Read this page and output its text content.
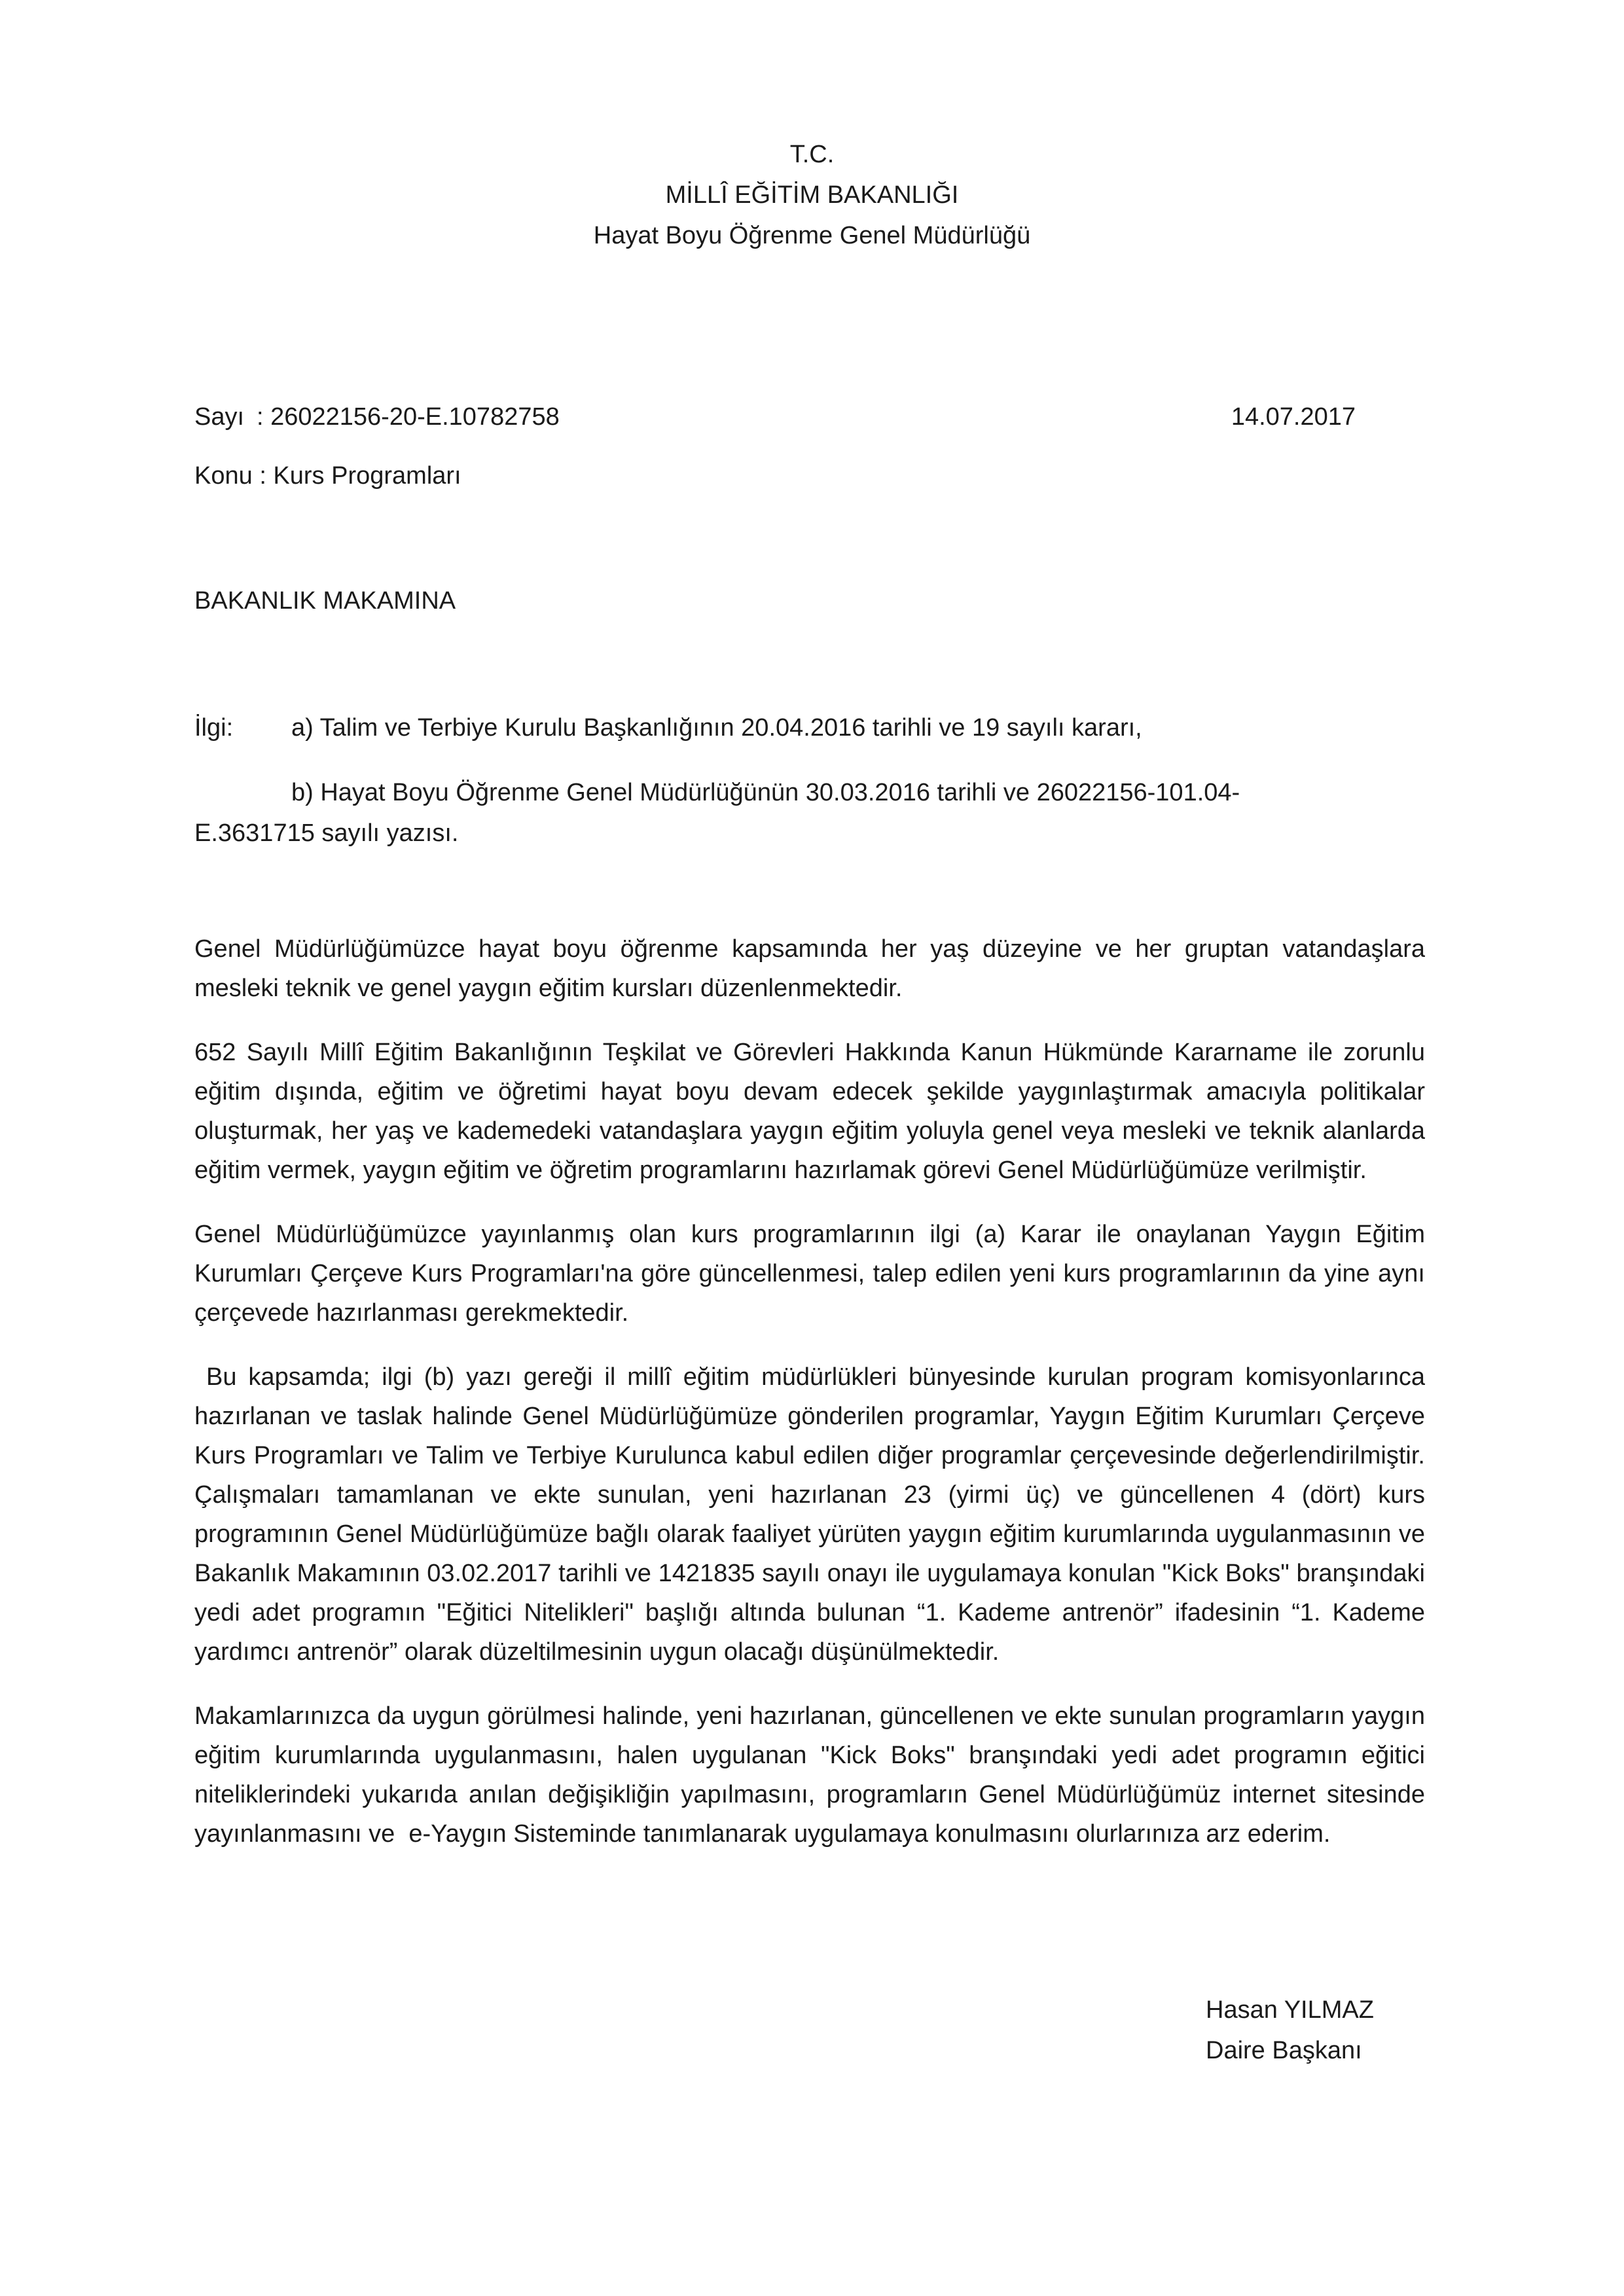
T.C.
MİLLÎ EĞİTİM BAKANLIĞI
Hayat Boyu Öğrenme Genel Müdürlüğü
Sayı : 26022156-20-E.10782758	14.07.2017
Konu : Kurs Programları
BAKANLIK MAKAMINA
İlgi: a) Talim ve Terbiye Kurulu Başkanlığının 20.04.2016 tarihli ve 19 sayılı kararı,
b) Hayat Boyu Öğrenme Genel Müdürlüğünün 30.03.2016 tarihli ve 26022156-101.04-
E.3631715 sayılı yazısı.

Genel Müdürlüğümüzce hayat boyu öğrenme kapsamında her yaş düzeyine ve her gruptan vatandaşlara mesleki teknik ve genel yaygın eğitim kursları düzenlenmektedir.

652 Sayılı Millî Eğitim Bakanlığının Teşkilat ve Görevleri Hakkında Kanun Hükmünde Kararname ile zorunlu eğitim dışında, eğitim ve öğretimi hayat boyu devam edecek şekilde yaygınlaştırmak amacıyla politikalar oluşturmak, her yaş ve kademedeki vatandaşlara yaygın eğitim yoluyla genel veya mesleki ve teknik alanlarda eğitim vermek, yaygın eğitim ve öğretim programlarını hazırlamak görevi Genel Müdürlüğümüze verilmiştir.

Genel Müdürlüğümüzce yayınlanmış olan kurs programlarının ilgi (a) Karar ile onaylanan Yaygın Eğitim Kurumları Çerçeve Kurs Programları'na göre güncellenmesi, talep edilen yeni kurs programlarının da yine aynı çerçevede hazırlanması gerekmektedir.

Bu kapsamda; ilgi (b) yazı gereği il millî eğitim müdürlükleri bünyesinde kurulan program komisyonlarınca hazırlanan ve taslak halinde Genel Müdürlüğümüze gönderilen programlar, Yaygın Eğitim Kurumları Çerçeve Kurs Programları ve Talim ve Terbiye Kurulunca kabul edilen diğer programlar çerçevesinde değerlendirilmiştir. Çalışmaları tamamlanan ve ekte sunulan, yeni hazırlanan 23 (yirmi üç) ve güncellenen 4 (dört) kurs programının Genel Müdürlüğümüze bağlı olarak faaliyet yürüten yaygın eğitim kurumlarında uygulanmasının ve Bakanlık Makamının 03.02.2017 tarihli ve 1421835 sayılı onayı ile uygulamaya konulan "Kick Boks" branşındaki yedi adet programın "Eğitici Nitelikleri" başlığı altında bulunan “1. Kademe antrenör” ifadesinin “1. Kademe yardımcı antrenör” olarak düzeltilmesinin uygun olacağı düşünülmektedir.

Makamlarınızca da uygun görülmesi halinde, yeni hazırlanan, güncellenen ve ekte sunulan programların yaygın eğitim kurumlarında uygulanmasını, halen uygulanan "Kick Boks" branşındaki yedi adet programın eğitici niteliklerindeki yukarıda anılan değişikliğin yapılmasını, programların Genel Müdürlüğümüz internet sitesinde yayınlanmasını ve  e-Yaygın Sisteminde tanımlanarak uygulamaya konulmasını olurlarınıza arz ederim.

Hasan YILMAZ
Daire Başkanı
